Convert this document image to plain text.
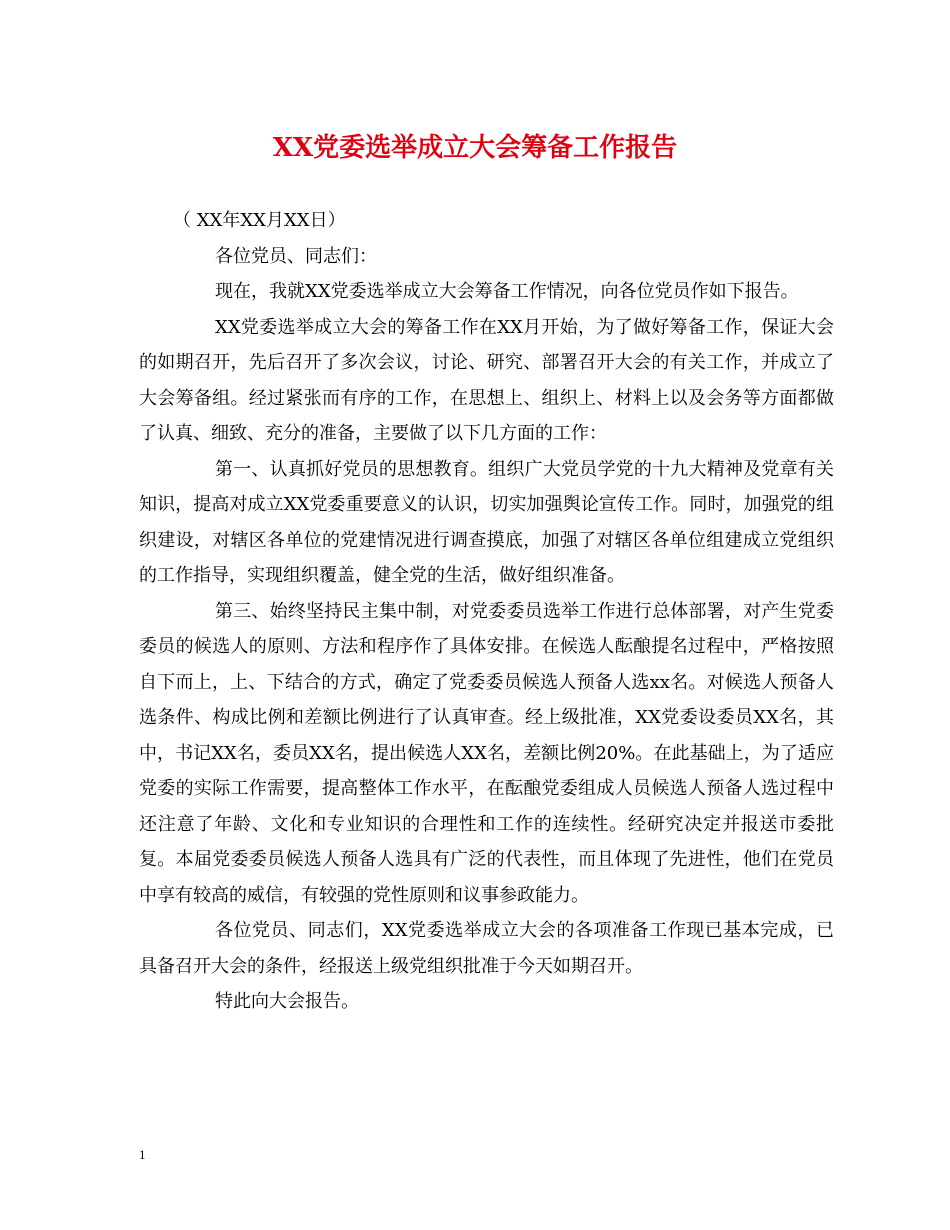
XX党委选举成立大会筹备工作报告

（ XX年XX月XX日）

各位党员、同志们：

现在，我就XX党委选举成立大会筹备工作情况，向各位党员作如下报告。

XX党委选举成立大会的筹备工作在XX月开始，为了做好筹备工作，保证大会的如期召开，先后召开了多次会议，讨论、研究、部署召开大会的有关工作，并成立了大会筹备组。经过紧张而有序的工作，在思想上、组织上、材料上以及会务等方面都做了认真、细致、充分的准备，主要做了以下几方面的工作：

第一、认真抓好党员的思想教育。组织广大党员学党的十九大精神及党章有关知识，提高对成立XX党委重要意义的认识，切实加强舆论宣传工作。同时，加强党的组织建设，对辖区各单位的党建情况进行调查摸底，加强了对辖区各单位组建成立党组织的工作指导，实现组织覆盖，健全党的生活，做好组织准备。

第三、始终坚持民主集中制，对党委委员选举工作进行总体部署，对产生党委委员的候选人的原则、方法和程序作了具体安排。在候选人酝酿提名过程中，严格按照自下而上，上、下结合的方式，确定了党委委员候选人预备人选xx名。对候选人预备人选条件、构成比例和差额比例进行了认真审查。经上级批准，XX党委设委员XX名，其中，书记XX名，委员XX名，提出候选人XX名，差额比例20%。在此基础上，为了适应党委的实际工作需要，提高整体工作水平，在酝酿党委组成人员候选人预备人选过程中还注意了年龄、文化和专业知识的合理性和工作的连续性。经研究决定并报送市委批复。本届党委委员候选人预备人选具有广泛的代表性，而且体现了先进性，他们在党员中享有较高的威信，有较强的党性原则和议事参政能力。

各位党员、同志们，XX党委选举成立大会的各项准备工作现已基本完成，已具备召开大会的条件，经报送上级党组织批准于今天如期召开。

特此向大会报告。

1
